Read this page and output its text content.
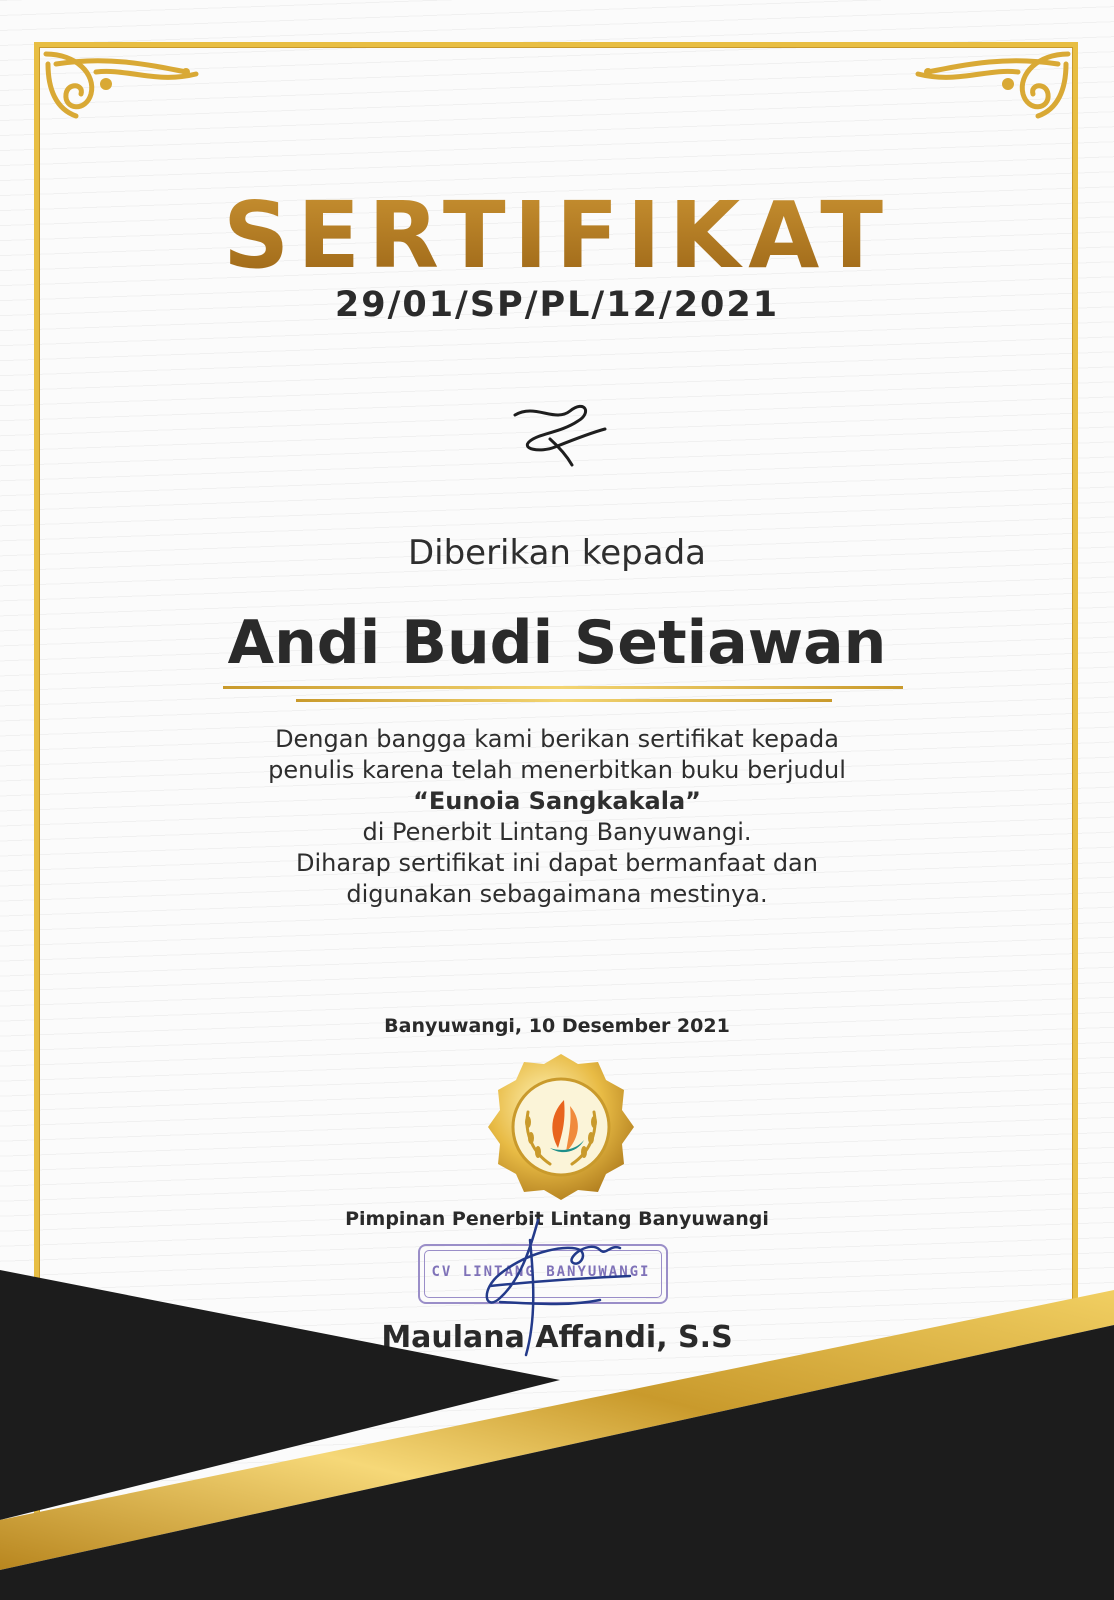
SERTIFIKAT
29/01/SP/PL/12/2021
Diberikan kepada
Andi Budi Setiawan
Dengan bangga kami berikan sertifikat kepada
penulis karena telah menerbitkan buku berjudul
“Eunoia Sangkakala”
di Penerbit Lintang Banyuwangi.
Diharap sertifikat ini dapat bermanfaat dan
digunakan sebagaimana mestinya.
Banyuwangi, 10 Desember 2021
Pimpinan Penerbit Lintang Banyuwangi
CV LINTANG BANYUWANGI
Maulana Affandi, S.S
